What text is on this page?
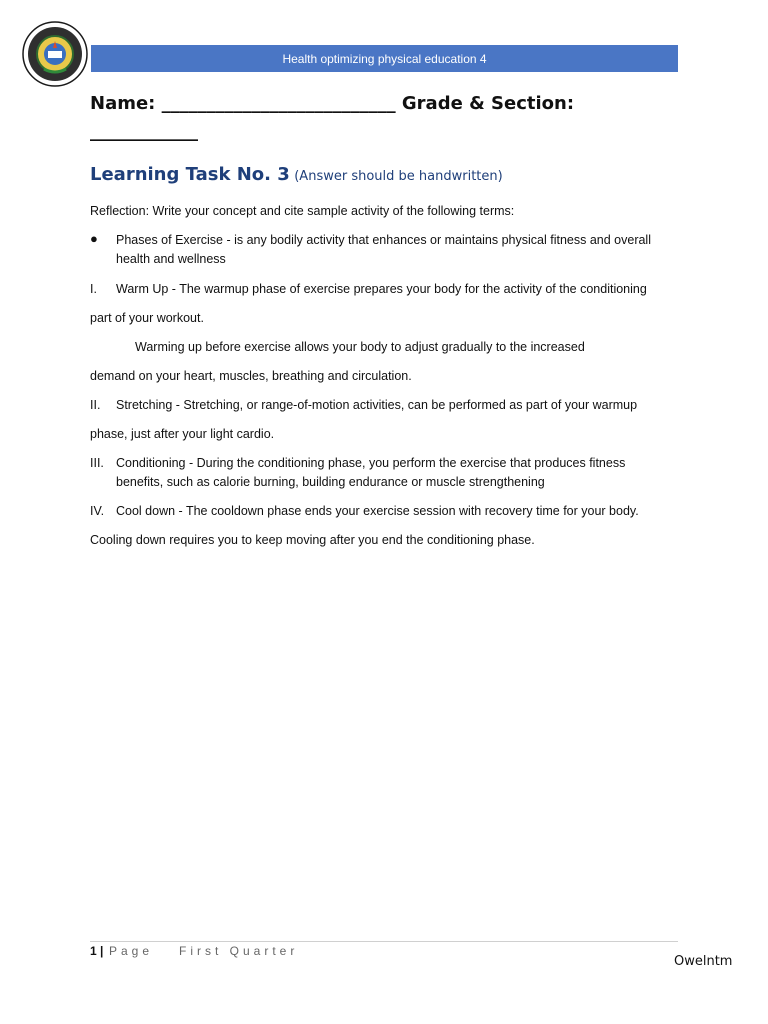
Health optimizing physical education 4
Name: __________________________ Grade & Section:
____________
Learning Task No. 3 (Answer should be handwritten)
Reflection: Write your concept and cite sample activity of the following terms:
● Phases of Exercise - is any bodily activity that enhances or maintains physical fitness and overall
health and wellness
I. Warm Up - The warmup phase of exercise prepares your body for the activity of the conditioning
part of your workout.
Warming up before exercise allows your body to adjust gradually to the increased
demand on your heart, muscles, breathing and circulation.
II. Stretching - Stretching, or range-of-motion activities, can be performed as part of your warmup
phase, just after your light cardio.
III. Conditioning - During the conditioning phase, you perform the exercise that produces fitness
benefits, such as calorie burning, building endurance or muscle strengthening
IV. Cool down - The cooldown phase ends your exercise session with recovery time for your body.
Cooling down requires you to keep moving after you end the conditioning phase.
1 | Page First Quarter
Owelntm
